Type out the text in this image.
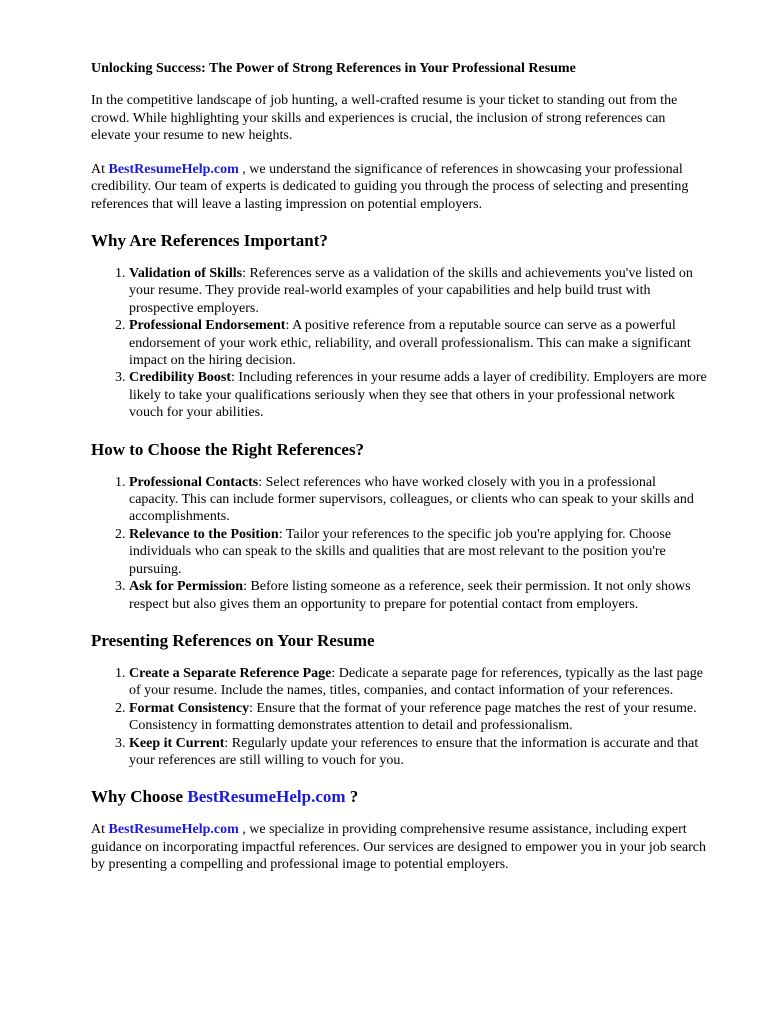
Unlocking Success: The Power of Strong References in Your Professional Resume

In the competitive landscape of job hunting, a well-crafted resume is your ticket to standing out from the crowd. While highlighting your skills and experiences is crucial, the inclusion of strong references can elevate your resume to new heights.

At BestResumeHelp.com , we understand the significance of references in showcasing your professional credibility. Our team of experts is dedicated to guiding you through the process of selecting and presenting references that will leave a lasting impression on potential employers.

Why Are References Important?
1. Validation of Skills: References serve as a validation of the skills and achievements you've listed on your resume. They provide real-world examples of your capabilities and help build trust with prospective employers.
2. Professional Endorsement: A positive reference from a reputable source can serve as a powerful endorsement of your work ethic, reliability, and overall professionalism. This can make a significant impact on the hiring decision.
3. Credibility Boost: Including references in your resume adds a layer of credibility. Employers are more likely to take your qualifications seriously when they see that others in your professional network vouch for your abilities.
How to Choose the Right References?
1. Professional Contacts: Select references who have worked closely with you in a professional capacity. This can include former supervisors, colleagues, or clients who can speak to your skills and accomplishments.
2. Relevance to the Position: Tailor your references to the specific job you're applying for. Choose individuals who can speak to the skills and qualities that are most relevant to the position you're pursuing.
3. Ask for Permission: Before listing someone as a reference, seek their permission. It not only shows respect but also gives them an opportunity to prepare for potential contact from employers.
Presenting References on Your Resume
1. Create a Separate Reference Page: Dedicate a separate page for references, typically as the last page of your resume. Include the names, titles, companies, and contact information of your references.
2. Format Consistency: Ensure that the format of your reference page matches the rest of your resume. Consistency in formatting demonstrates attention to detail and professionalism.
3. Keep it Current: Regularly update your references to ensure that the information is accurate and that your references are still willing to vouch for you.
Why Choose BestResumeHelp.com ?

At BestResumeHelp.com , we specialize in providing comprehensive resume assistance, including expert guidance on incorporating impactful references. Our services are designed to empower you in your job search by presenting a compelling and professional image to potential employers.
